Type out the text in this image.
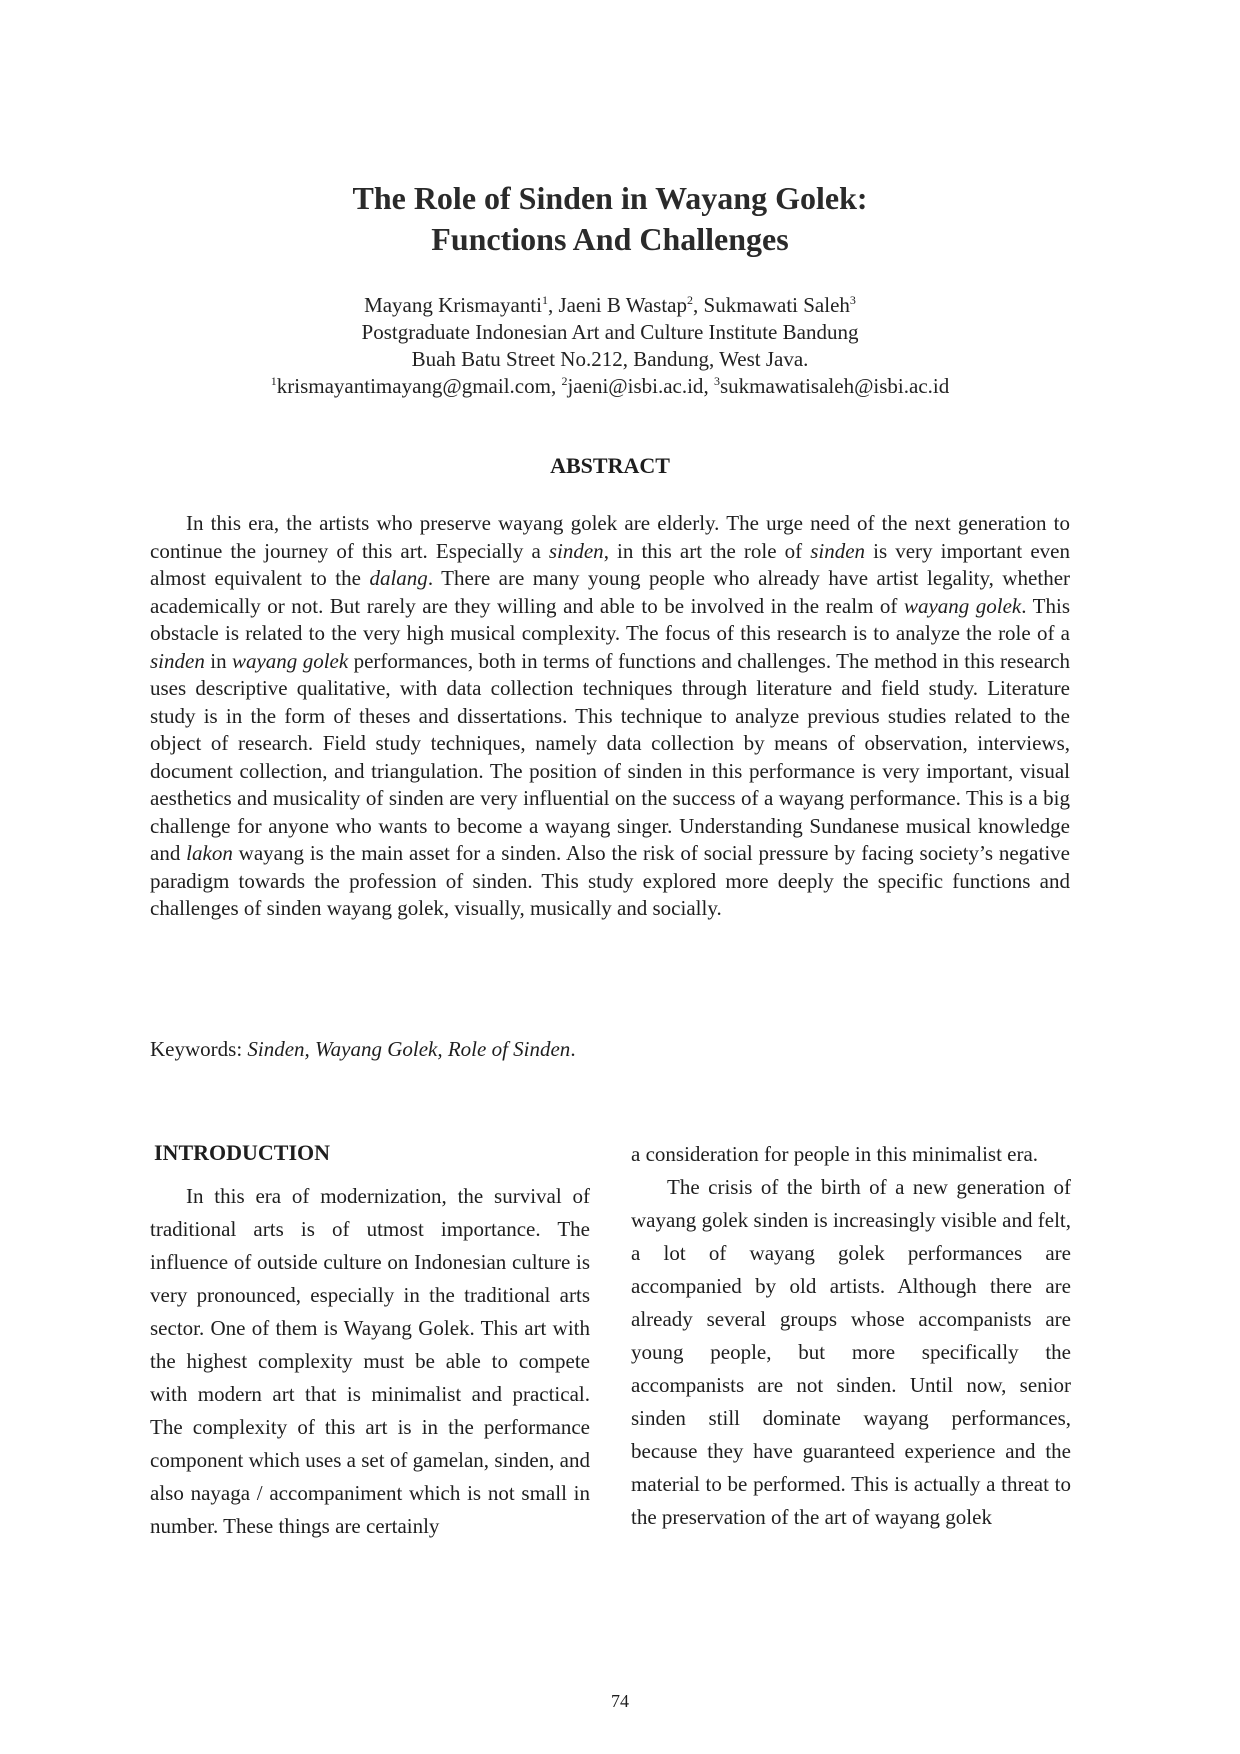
The Role of Sinden in Wayang Golek:
Functions And Challenges
Mayang Krismayanti$^1$, Jaeni B Wastap$^2$, Sukmawati Saleh$^3$
Postgraduate Indonesian Art and Culture Institute Bandung
Buah Batu Street No.212, Bandung, West Java.
$^1$krismayantimayang@gmail.com, $^2$jaeni@isbi.ac.id, $^3$sukmawatisaleh@isbi.ac.id
ABSTRACT

In this era, the artists who preserve wayang golek are elderly. The urge need of the next generation to continue the journey of this art. Especially a sinden, in this art the role of sinden is very important even almost equivalent to the dalang. There are many young people who already have artist legality, whether academically or not. But rarely are they willing and able to be involved in the realm of wayang golek. This obstacle is related to the very high musical complexity. The focus of this research is to analyze the role of a sinden in wayang golek performances, both in terms of functions and challenges. The method in this research uses descriptive qualitative, with data collection techniques through literature and field study. Literature study is in the form of theses and dissertations. This technique to analyze previous studies related to the object of research. Field study techniques, namely data collection by means of observation, interviews, document collection, and triangulation. The position of sinden in this performance is very important, visual aesthetics and musicality of sinden are very influential on the success of a wayang performance. This is a big challenge for anyone who wants to become a wayang singer. Understanding Sundanese musical knowledge and lakon wayang is the main asset for a sinden. Also the risk of social pressure by facing society’s negative paradigm towards the profession of sinden. This study explored more deeply the specific functions and challenges of sinden wayang golek, visually, musically and socially.

Keywords: Sinden, Wayang Golek, Role of Sinden.
INTRODUCTION

In this era of modernization, the survival of traditional arts is of utmost importance. The influence of outside culture on Indonesian culture is very pronounced, especially in the traditional arts sector. One of them is Wayang Golek. This art with the highest complexity must be able to compete with modern art that is minimalist and practical. The complexity of this art is in the performance component which uses a set of gamelan, sinden, and also nayaga / accompaniment which is not small in number. These things are certainly

a consideration for people in this minimalist era.

The crisis of the birth of a new generation of wayang golek sinden is increasingly visible and felt, a lot of wayang golek performances are accompanied by old artists. Although there are already several groups whose accompanists are young people, but more specifically the accompanists are not sinden. Until now, senior sinden still dominate wayang performances, because they have guaranteed experience and the material to be performed. This is actually a threat to the preservation of the art of wayang golek

74
